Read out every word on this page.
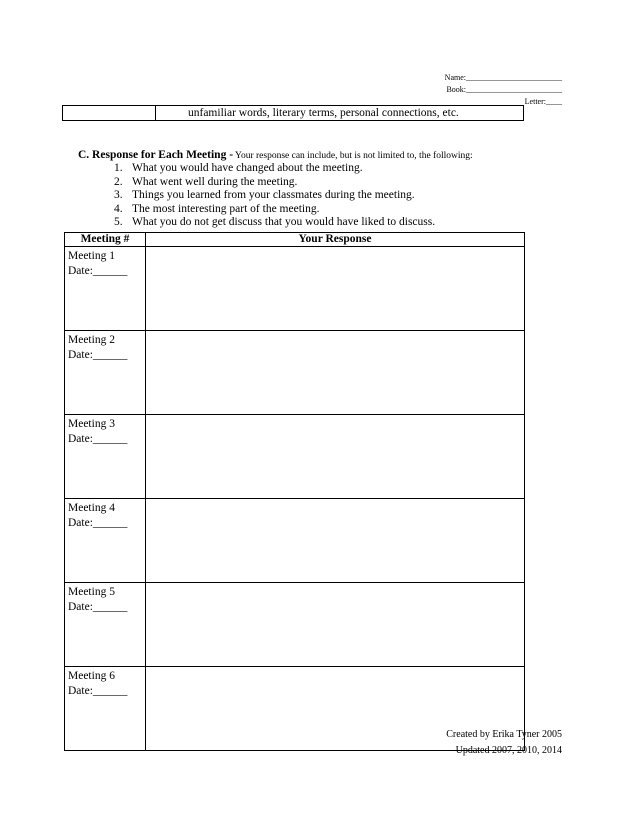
Name:________________________
Book:________________________
Letter:____
unfamiliar words, literary terms, personal connections, etc.
C. Response for Each Meeting - Your response can include, but is not limited to, the following:
1. What you would have changed about the meeting.
2. What went well during the meeting.
3. Things you learned from your classmates during the meeting.
4. The most interesting part of the meeting.
5. What you do not get discuss that you would have liked to discuss.
Meeting #	Your Response

Meeting 1
Date:______	

Meeting 2
Date:______	

Meeting 3
Date:______	

Meeting 4
Date:______	

Meeting 5
Date:______	

Meeting 6
Date:______	

Created by Erika Tyner 2005
Updated 2007, 2010, 2014
